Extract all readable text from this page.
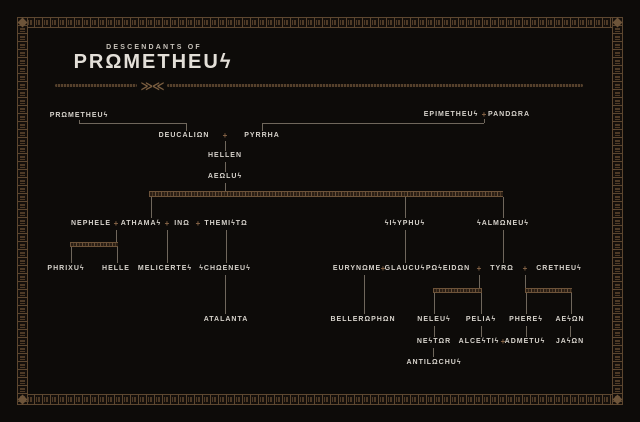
DESCENDANTS OF
PRΩMETHEUϟ
≫≪
PRΩMETHEUϟ	EPIMETHEUϟ + PANDΩRA
DEUCALIΩN + PYRRHA
HELLEN
AEΩLUϟ
NEPHELE + ATHAMAϟ + INΩ + THEMIϟTΩ	ϟIϟYPHUϟ	ϟALMΩNEUϟ
PHRIXUϟ HELLE MELICERTEϟ ϟCHΩENEUϟ	EURYNΩME + GLAUCUϟ PΩϟEIDΩN + TYRΩ + CRETHEUϟ
ATALANTA	BELLERΩPHΩN	NELEUϟ PELIAϟ PHEREϟ AEϟΩN
NEϟTΩR ALCEϟTIϟ + ADMETUϟ JAϟΩN
ANTILΩCHUϟ
